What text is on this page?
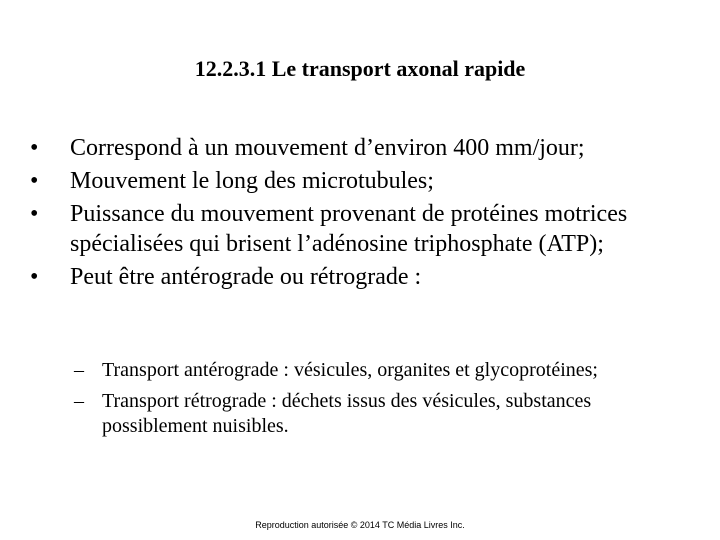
12.2.3.1 Le transport axonal rapide
•	Correspond à un mouvement d’environ 400 mm/jour;
•	Mouvement le long des microtubules;
•	Puissance du mouvement provenant de protéines motrices spécialisées qui brisent l’adénosine triphosphate (ATP);
•	Peut être antérograde ou rétrograde :
– Transport antérograde : vésicules, organites et glycoprotéines;
– Transport rétrograde : déchets issus des vésicules, substances possiblement nuisibles.
Reproduction autorisée © 2014 TC Média Livres Inc.
